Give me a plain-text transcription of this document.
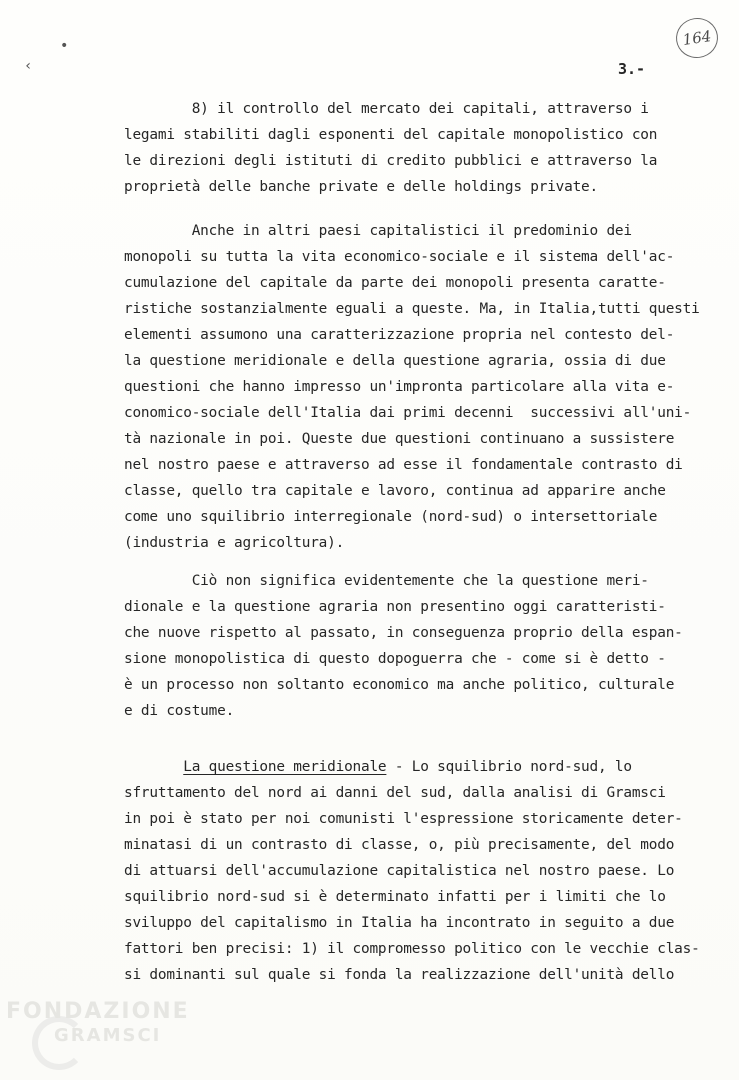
•
‹
164
3.-
8) il controllo del mercato dei capitali, attraverso i
legami stabiliti dagli esponenti del capitale monopolistico con
le direzioni degli istituti di credito pubblici e attraverso la
proprietà delle banche private e delle holdings private.
Anche in altri paesi capitalistici il predominio dei
monopoli su tutta la vita economico-sociale e il sistema dell'ac-
cumulazione del capitale da parte dei monopoli presenta caratte-
ristiche sostanzialmente eguali a queste. Ma, in Italia,tutti questi
elementi assumono una caratterizzazione propria nel contesto del-
la questione meridionale e della questione agraria, ossia di due
questioni che hanno impresso un'impronta particolare alla vita e-
conomico-sociale dell'Italia dai primi decenni  successivi all'uni-
tà nazionale in poi. Queste due questioni continuano a sussistere
nel nostro paese e attraverso ad esse il fondamentale contrasto di
classe, quello tra capitale e lavoro, continua ad apparire anche
come uno squilibrio interregionale (nord-sud) o intersettoriale
(industria e agricoltura).
Ciò non significa evidentemente che la questione meri-
dionale e la questione agraria non presentino oggi caratteristi-
che nuove rispetto al passato, in conseguenza proprio della espan-
sione monopolistica di questo dopoguerra che - come si è detto -
è un processo non soltanto economico ma anche politico, culturale
e di costume.
La questione meridionale - Lo squilibrio nord-sud, lo
sfruttamento del nord ai danni del sud, dalla analisi di Gramsci
in poi è stato per noi comunisti l'espressione storicamente deter-
minatasi di un contrasto di classe, o, più precisamente, del modo
di attuarsi dell'accumulazione capitalistica nel nostro paese. Lo
squilibrio nord-sud si è determinato infatti per i limiti che lo
sviluppo del capitalismo in Italia ha incontrato in seguito a due
fattori ben precisi: 1) il compromesso politico con le vecchie clas-
si dominanti sul quale si fonda la realizzazione dell'unità dello
FONDAZIONE
GRAMSCI
